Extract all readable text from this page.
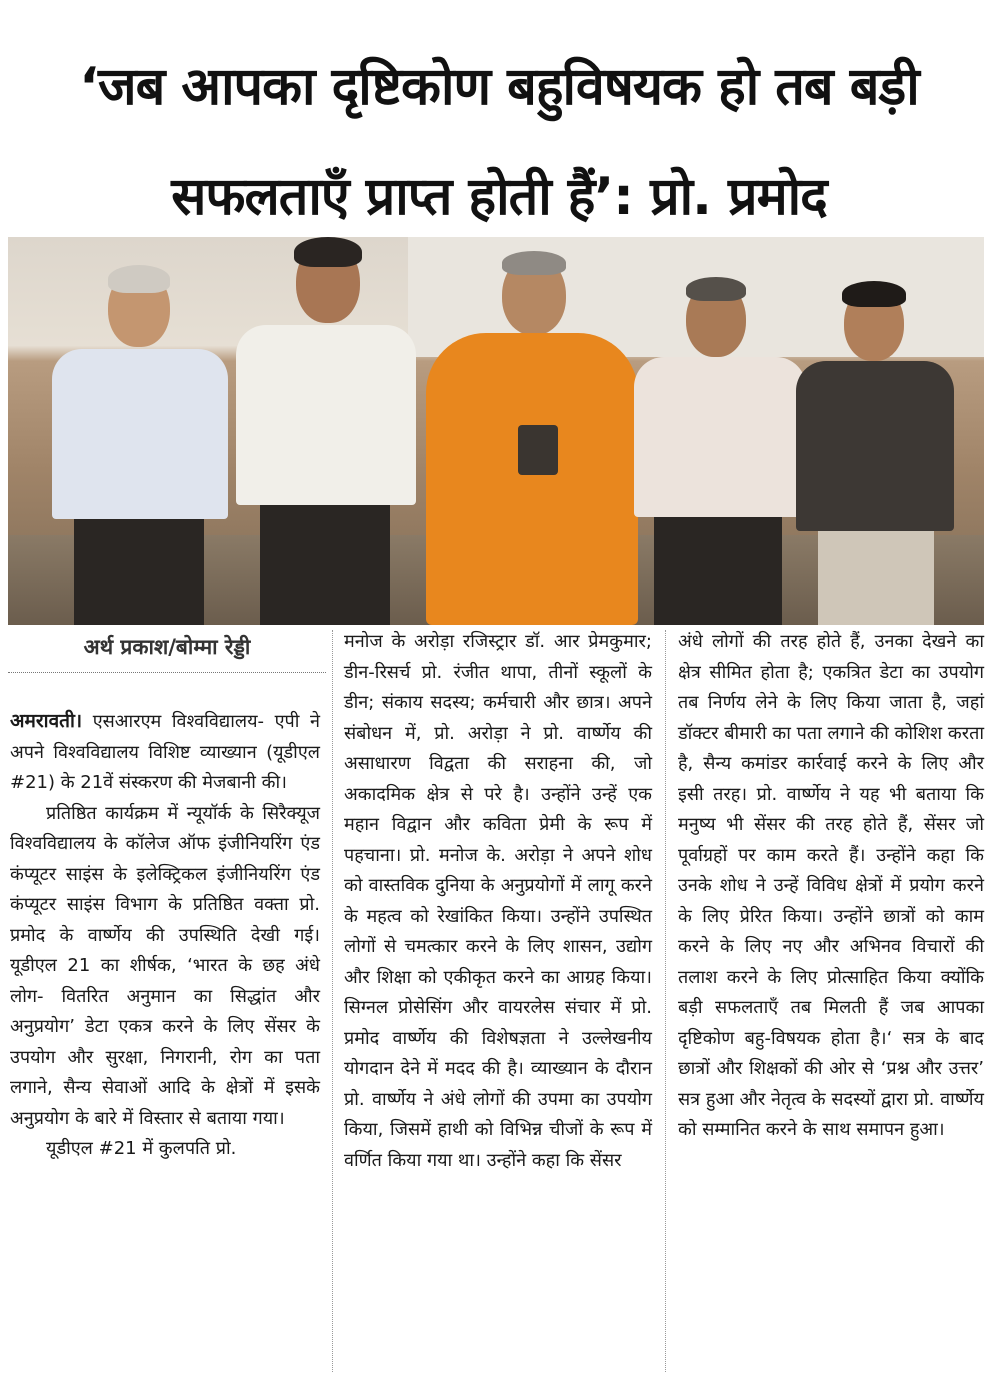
‘जब आपका दृष्टिकोण बहुविषयक हो तब बड़ी
सफलताएँ प्राप्त होती हैं’: प्रो. प्रमोद
अर्थ प्रकाश/बोम्मा रेड्डी

अमरावती। एसआरएम विश्वविद्यालय- एपी ने अपने विश्वविद्यालय विशिष्ट व्याख्यान (यूडीएल #21) के 21वें संस्करण की मेजबानी की।

प्रतिष्ठित कार्यक्रम में न्यूयॉर्क के सिरैक्यूज विश्वविद्यालय के कॉलेज ऑफ इंजीनियरिंग एंड कंप्यूटर साइंस के इलेक्ट्रिकल इंजीनियरिंग एंड कंप्यूटर साइंस विभाग के प्रतिष्ठित वक्ता प्रो. प्रमोद के वार्ष्णेय की उपस्थिति देखी गई। यूडीएल 21 का शीर्षक, ‘भारत के छह अंधे लोग- वितरित अनुमान का सिद्धांत और अनुप्रयोग’ डेटा एकत्र करने के लिए सेंसर के उपयोग और सुरक्षा, निगरानी, रोग का पता लगाने, सैन्य सेवाओं आदि के क्षेत्रों में इसके अनुप्रयोग के बारे में विस्तार से बताया गया।

यूडीएल #21 में कुलपति प्रो.

मनोज के अरोड़ा रजिस्ट्रार डॉ. आर प्रेमकुमार; डीन-रिसर्च प्रो. रंजीत थापा, तीनों स्कूलों के डीन; संकाय सदस्य; कर्मचारी और छात्र। अपने संबोधन में, प्रो. अरोड़ा ने प्रो. वार्ष्णेय की असाधारण विद्वता की सराहना की, जो अकादमिक क्षेत्र से परे है। उन्होंने उन्हें एक महान विद्वान और कविता प्रेमी के रूप में पहचाना। प्रो. मनोज के. अरोड़ा ने अपने शोध को वास्तविक दुनिया के अनुप्रयोगों में लागू करने के महत्व को रेखांकित किया। उन्होंने उपस्थित लोगों से चमत्कार करने के लिए शासन, उद्योग और शिक्षा को एकीकृत करने का आग्रह किया। सिग्नल प्रोसेसिंग और वायरलेस संचार में प्रो. प्रमोद वार्ष्णेय की विशेषज्ञता ने उल्लेखनीय योगदान देने में मदद की है। व्याख्यान के दौरान प्रो. वार्ष्णेय ने अंधे लोगों की उपमा का उपयोग किया, जिसमें हाथी को विभिन्न चीजों के रूप में वर्णित किया गया था। उन्होंने कहा कि सेंसर

अंधे लोगों की तरह होते हैं, उनका देखने का क्षेत्र सीमित होता है; एकत्रित डेटा का उपयोग तब निर्णय लेने के लिए किया जाता है, जहां डॉक्टर बीमारी का पता लगाने की कोशिश करता है, सैन्य कमांडर कार्रवाई करने के लिए और इसी तरह। प्रो. वार्ष्णेय ने यह भी बताया कि मनुष्य भी सेंसर की तरह होते हैं, सेंसर जो पूर्वाग्रहों पर काम करते हैं। उन्होंने कहा कि उनके शोध ने उन्हें विविध क्षेत्रों में प्रयोग करने के लिए प्रेरित किया। उन्होंने छात्रों को काम करने के लिए नए और अभिनव विचारों की तलाश करने के लिए प्रोत्साहित किया क्योंकि बड़ी सफलताएँ तब मिलती हैं जब आपका दृष्टिकोण बहु-विषयक होता है।‘ सत्र के बाद छात्रों और शिक्षकों की ओर से ‘प्रश्न और उत्तर’ सत्र हुआ और नेतृत्व के सदस्यों द्वारा प्रो. वार्ष्णेय को सम्मानित करने के साथ समापन हुआ।
